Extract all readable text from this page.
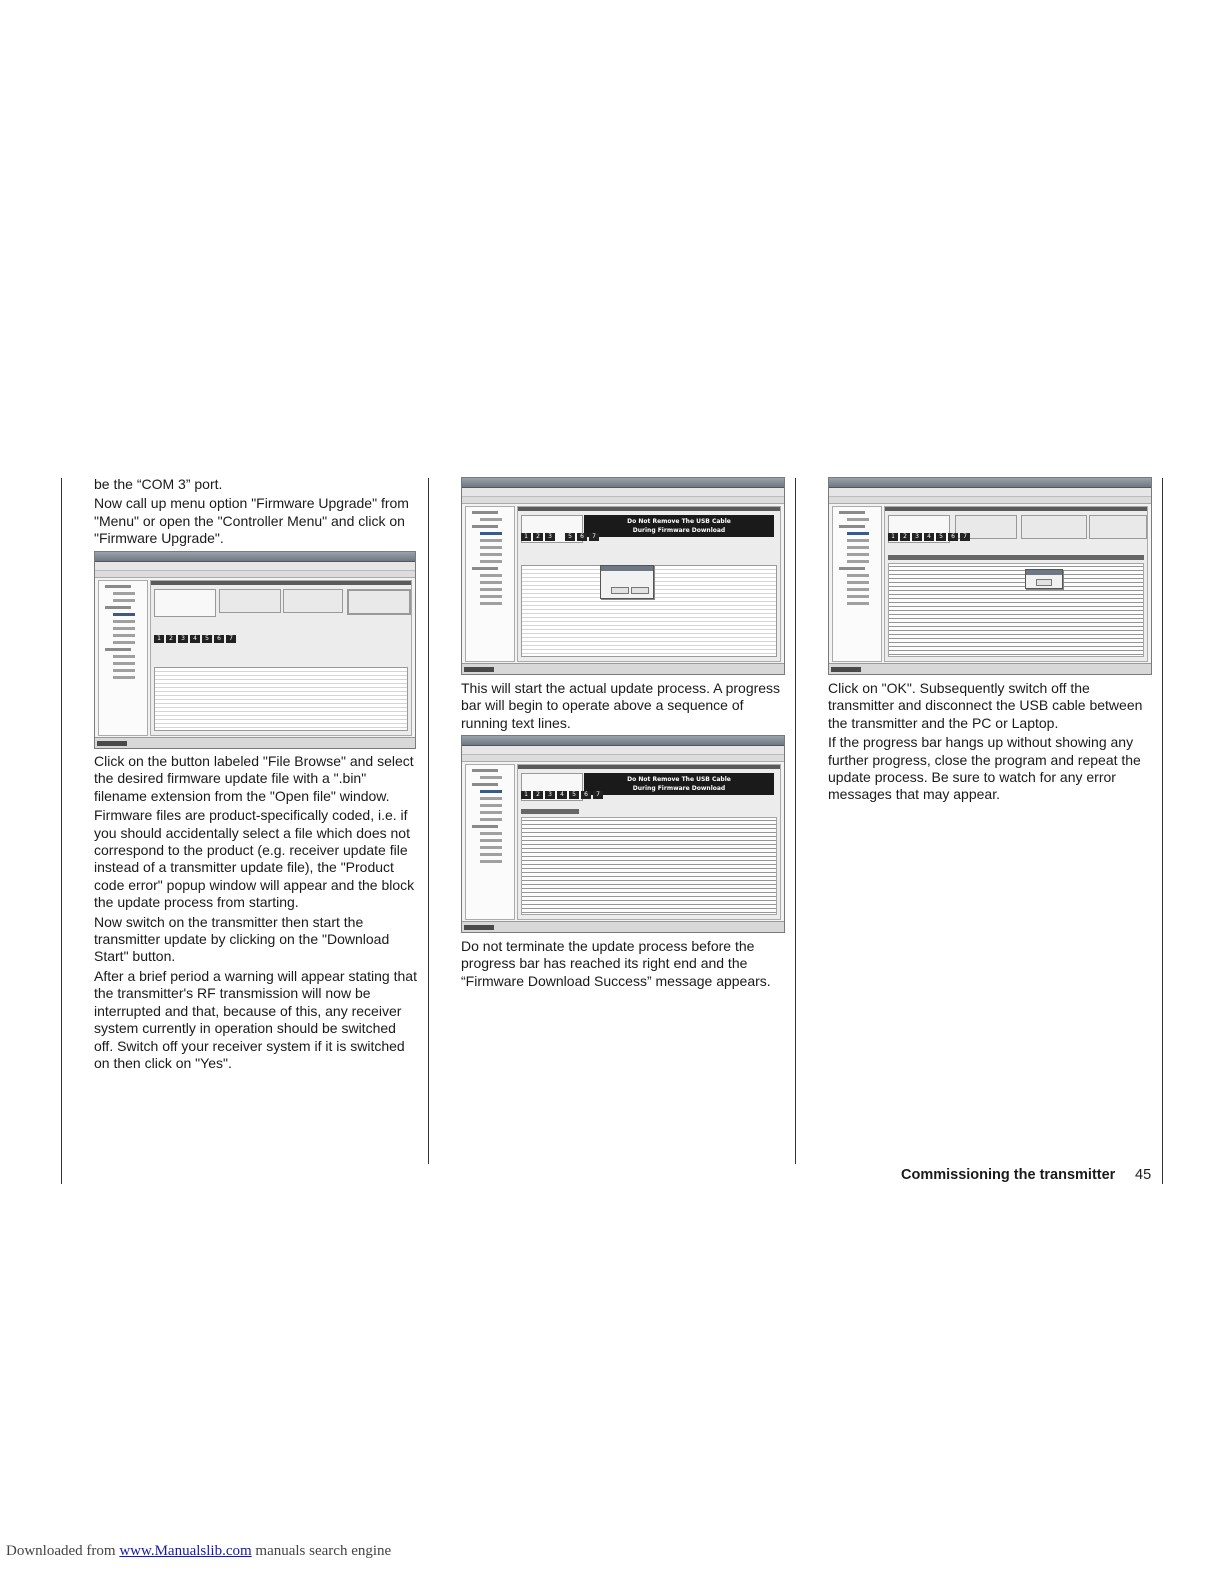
be the “COM 3” port.

Now call up menu option "Firmware Upgrade" from "Menu" or open the "Controller Menu" and click on "Firmware Upgrade".

1	2	3	4	5	6	7

Click on the button labeled "File Browse" and select the desired firmware update file with a ".bin" filename extension from the "Open file" window.

Firmware files are product-specifically coded, i.e. if you should accidentally select a file which does not correspond to the product (e.g. receiver update file instead of a transmitter update file), the "Product code error" popup window will appear and the block the update process from starting.

Now switch on the transmitter then start the transmitter update by clicking on the "Download Start" button.

After a brief period a warning will appear stating that the transmitter's RF transmission will now be interrupted and that, because of this, any receiver system currently in operation should be switched off. Switch off your receiver system if it is switched on then click on "Yes".

Do Not Remove The USB Cable
During Firmware Download
1	2	3	5	6	7

This will start the actual update process. A progress bar will begin to operate above a sequence of running text lines.

Do Not Remove The USB Cable
During Firmware Download
1	2	3	4	5	6	7

Do not terminate the update process before the progress bar has reached its right end and the “Firmware Download Success” message appears.

1	2	3	4	5	6	7

Click on "OK". Subsequently switch off the transmitter and disconnect the USB cable between the transmitter and the PC or Laptop.

If the progress bar hangs up without showing any further progress, close the program and repeat the update process. Be sure to watch for any error messages that may appear.

Commissioning the transmitter 45
Downloaded from www.Manualslib.com manuals search engine
